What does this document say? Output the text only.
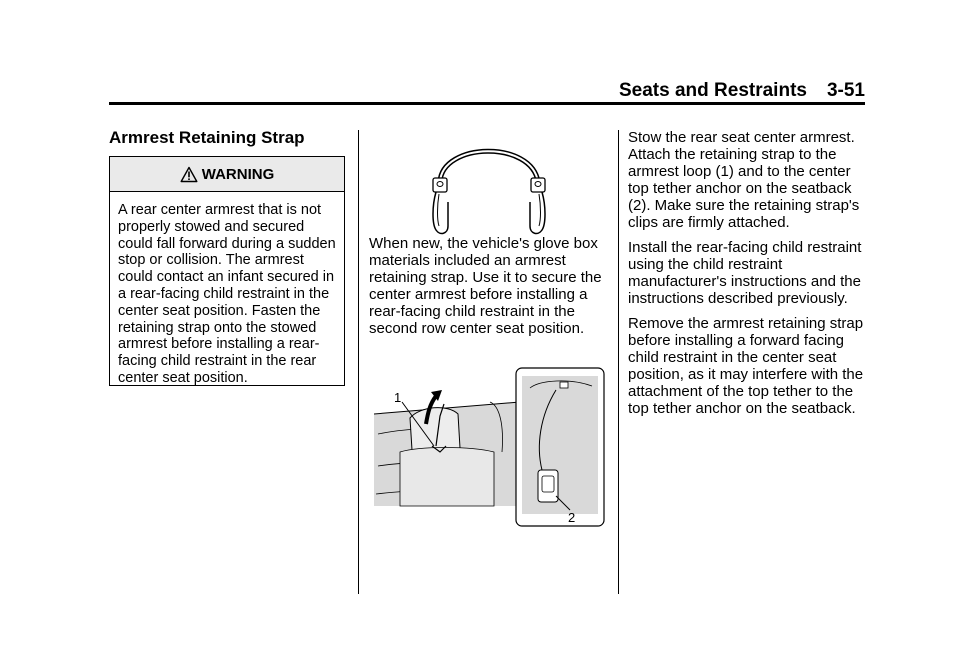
Seats and Restraints 3-51
Armrest Retaining Strap
WARNING
A rear center armrest that is not properly stowed and secured could fall forward during a sudden stop or collision. The armrest could contact an infant secured in a rear-facing child restraint in the center seat position. Fasten the retaining strap onto the stowed armrest before installing a rear-facing child restraint in the rear center seat position.
When new, the vehicle's glove box materials included an armrest retaining strap. Use it to secure the center armrest before installing a rear-facing child restraint in the second row center seat position.
1
2

Stow the rear seat center armrest. Attach the retaining strap to the armrest loop (1) and to the center top tether anchor on the seatback (2). Make sure the retaining strap's clips are firmly attached.

Install the rear-facing child restraint using the child restraint manufacturer's instructions and the instructions described previously.

Remove the armrest retaining strap before installing a forward facing child restraint in the center seat position, as it may interfere with the attachment of the top tether to the top tether anchor on the seatback.
